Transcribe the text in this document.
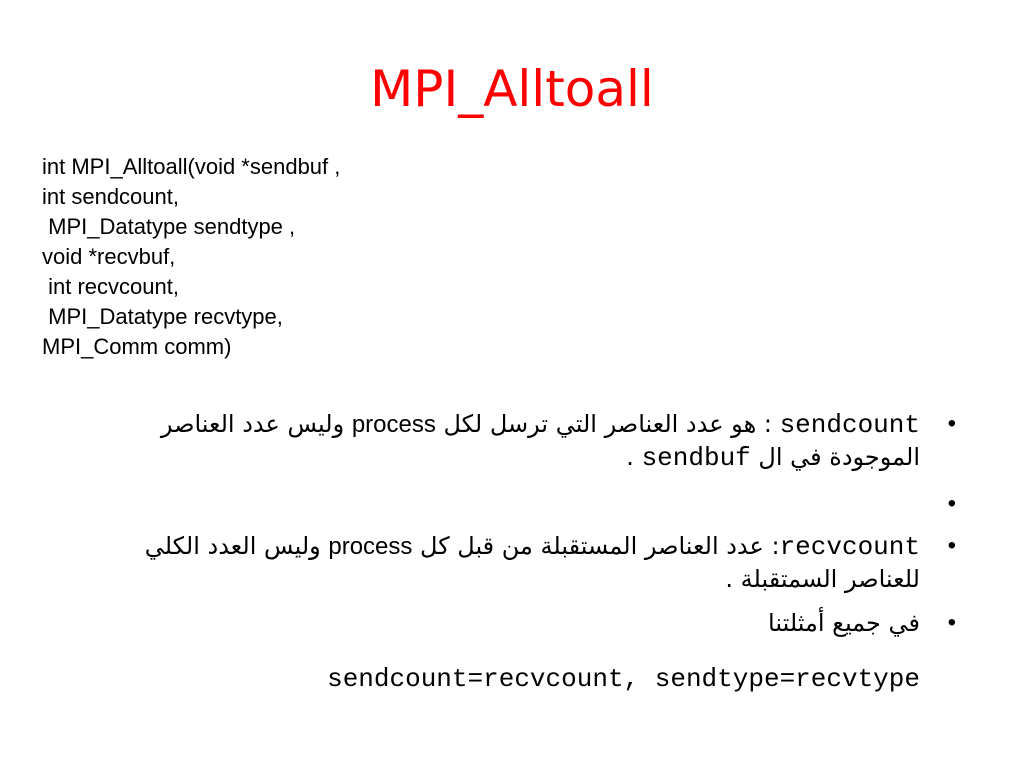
MPI_Alltoall
int MPI_Alltoall(void *sendbuf ,
int sendcount,
MPI_Datatype sendtype ,
void *recvbuf,
int recvcount,
MPI_Datatype recvtype,
MPI_Comm comm)
•
sendcount : هو عدد العناصر التي ترسل لكل process وليس عدد العناصر الموجودة في ال sendbuf .
•
•
recvcount: عدد العناصر المستقبلة من قبل كل process وليس العدد الكلي للعناصر السمتقبلة .
•
في جميع أمثلتنا
sendcount=recvcount, sendtype=recvtype
